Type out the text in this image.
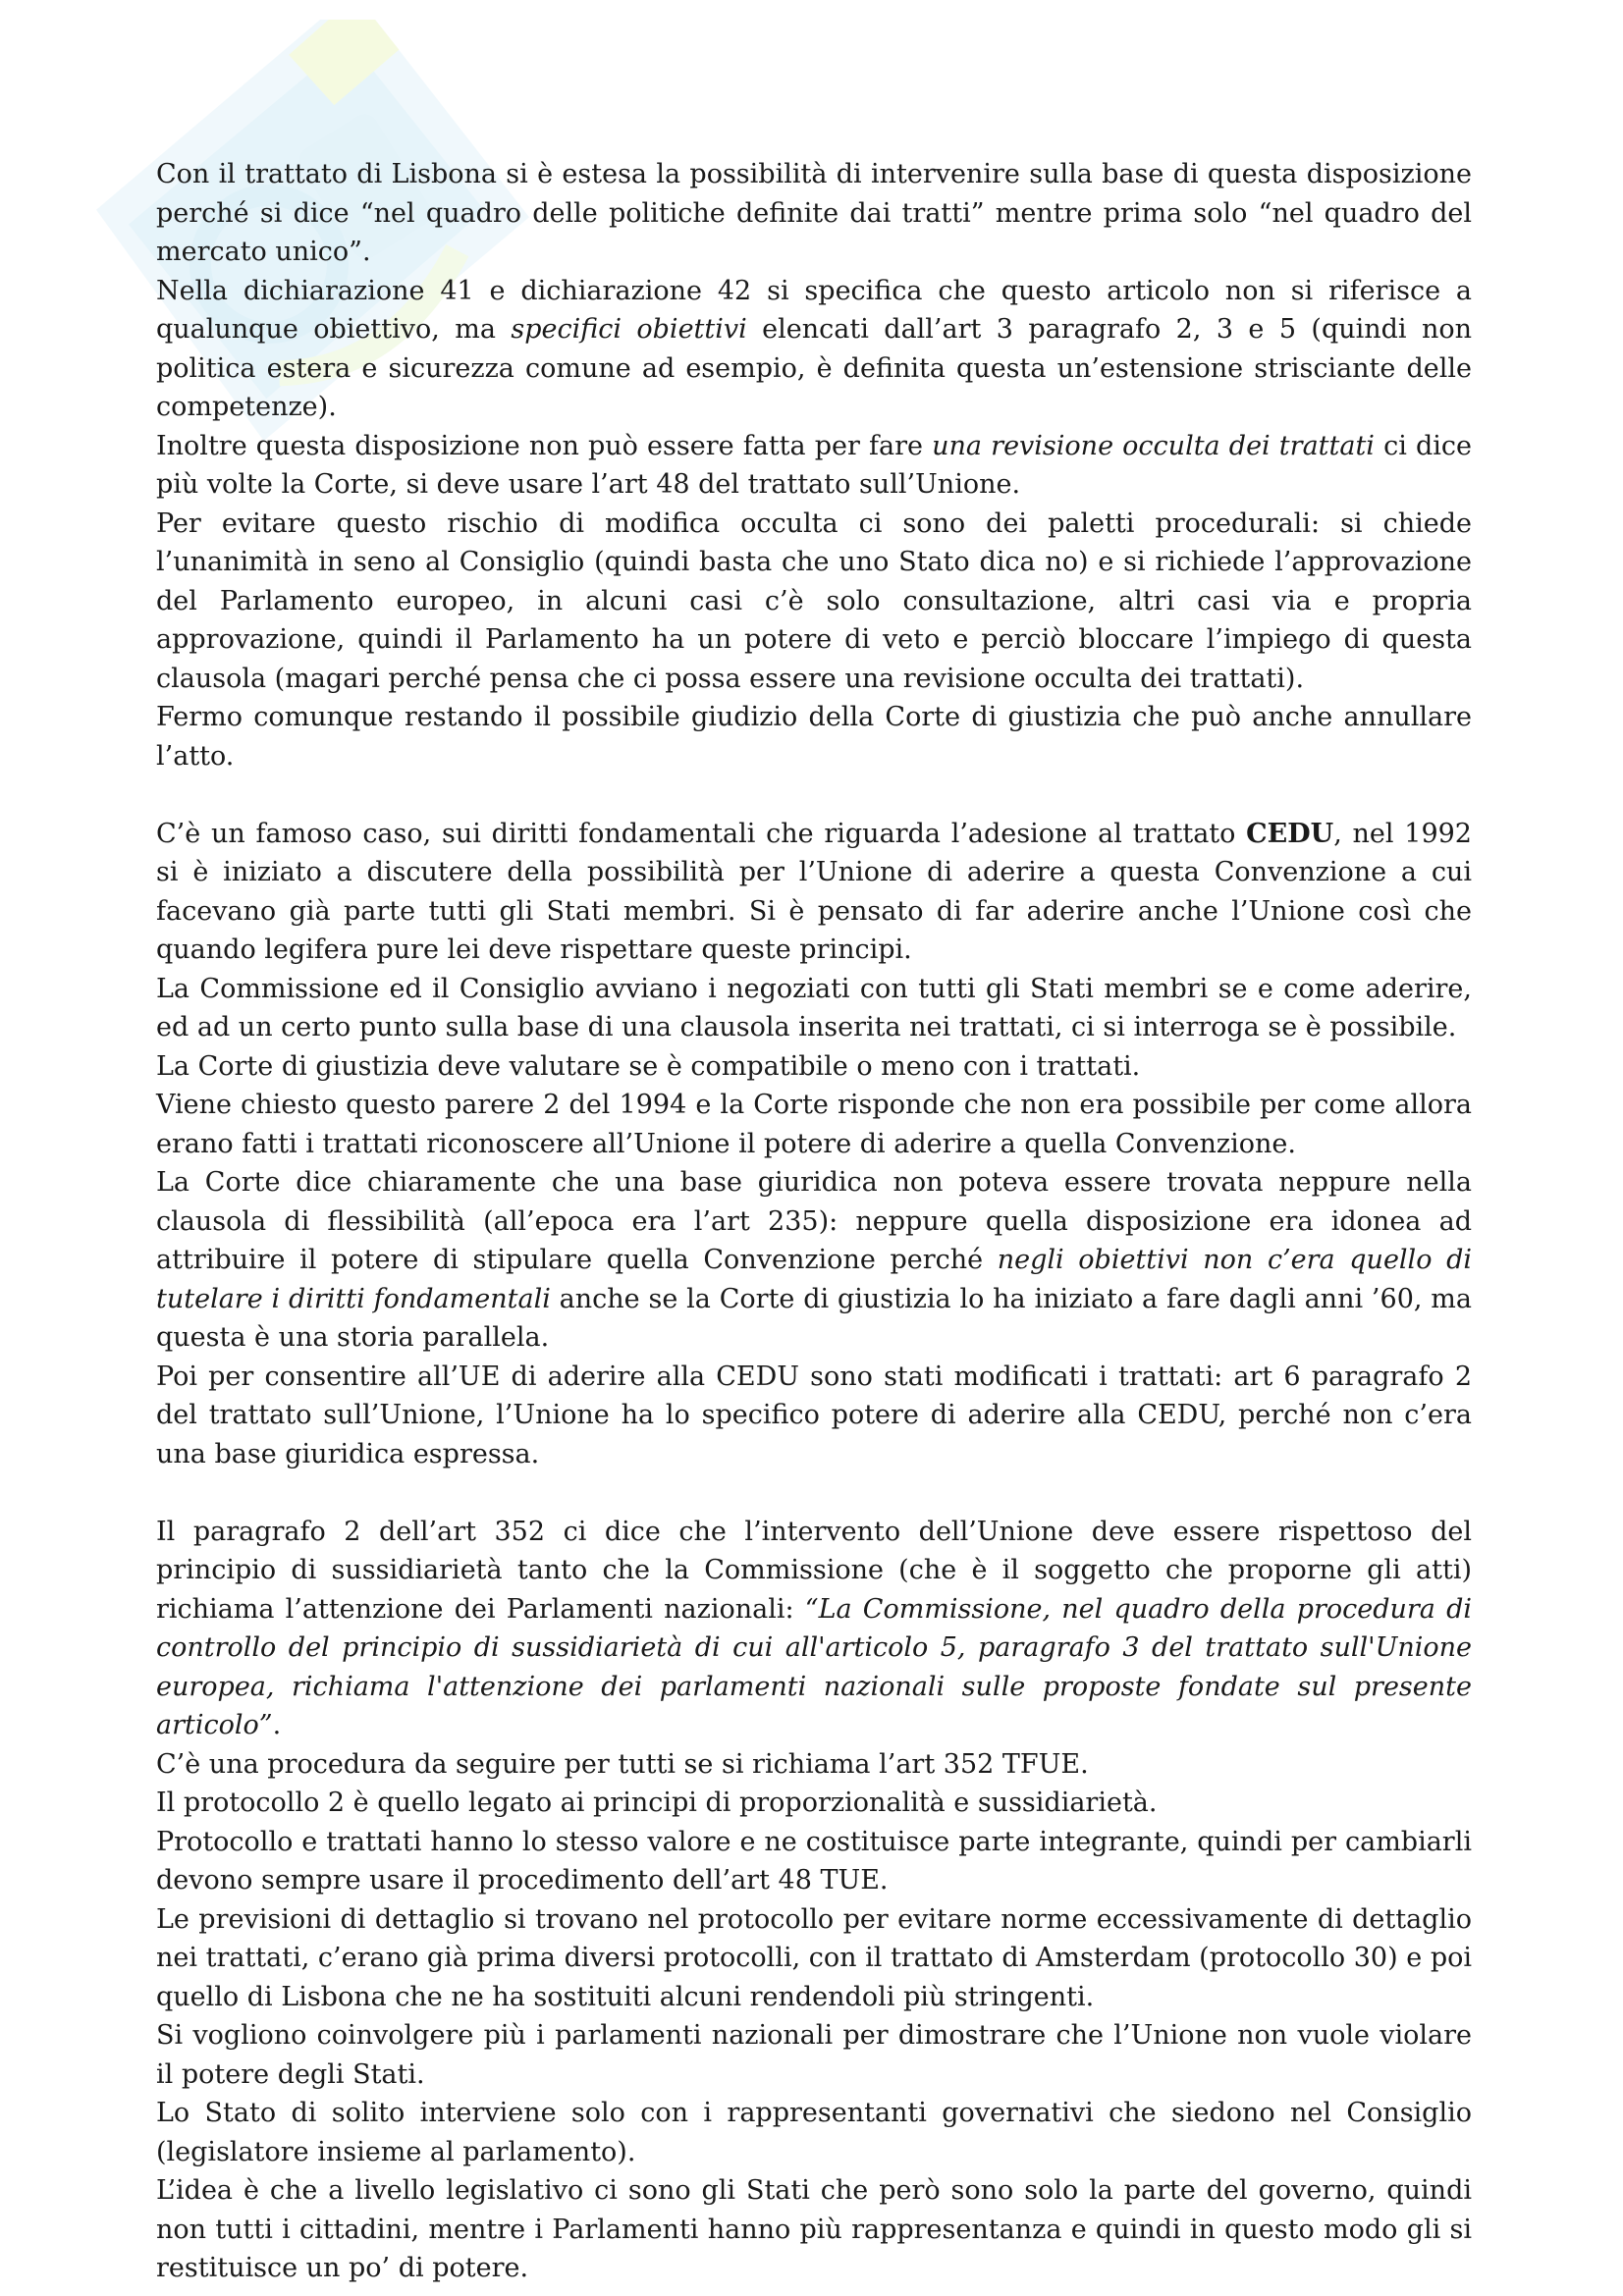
Con il trattato di Lisbona si è estesa la possibilità di intervenire sulla base di questa disposizione perché si dice “nel quadro delle politiche definite dai tratti” mentre prima solo “nel quadro del mercato unico”.

Nella dichiarazione 41 e dichiarazione 42 si specifica che questo articolo non si riferisce a qualunque obiettivo, ma specifici obiettivi elencati dall’art 3 paragrafo 2, 3 e 5 (quindi non politica estera e sicurezza comune ad esempio, è definita questa un’estensione strisciante delle competenze).

Inoltre questa disposizione non può essere fatta per fare una revisione occulta dei trattati ci dice più volte la Corte, si deve usare l’art 48 del trattato sull’Unione.

Per evitare questo rischio di modifica occulta ci sono dei paletti procedurali: si chiede l’unanimità in seno al Consiglio (quindi basta che uno Stato dica no) e si richiede l’approvazione del Parlamento europeo, in alcuni casi c’è solo consultazione, altri casi via e propria approvazione, quindi il Parlamento ha un potere di veto e perciò bloccare l’impiego di questa clausola (magari perché pensa che ci possa essere una revisione occulta dei trattati).

Fermo comunque restando il possibile giudizio della Corte di giustizia che può anche annullare l’atto.

C’è un famoso caso, sui diritti fondamentali che riguarda l’adesione al trattato CEDU, nel 1992 si è iniziato a discutere della possibilità per l’Unione di aderire a questa Convenzione a cui facevano già parte tutti gli Stati membri. Si è pensato di far aderire anche l’Unione così che quando legifera pure lei deve rispettare queste principi.

La Commissione ed il Consiglio avviano i negoziati con tutti gli Stati membri se e come aderire, ed ad un certo punto sulla base di una clausola inserita nei trattati, ci si interroga se è possibile.

La Corte di giustizia deve valutare se è compatibile o meno con i trattati.

Viene chiesto questo parere 2 del 1994 e la Corte risponde che non era possibile per come allora erano fatti i trattati riconoscere all’Unione il potere di aderire a quella Convenzione.

La Corte dice chiaramente che una base giuridica non poteva essere trovata neppure nella clausola di flessibilità (all’epoca era l’art 235): neppure quella disposizione era idonea ad attribuire il potere di stipulare quella Convenzione perché negli obiettivi non c’era quello di tutelare i diritti fondamentali anche se la Corte di giustizia lo ha iniziato a fare dagli anni ’60, ma questa è una storia parallela.

Poi per consentire all’UE di aderire alla CEDU sono stati modificati i trattati: art 6 paragrafo 2 del trattato sull’Unione, l’Unione ha lo specifico potere di aderire alla CEDU, perché non c’era una base giuridica espressa.

Il paragrafo 2 dell’art 352 ci dice che l’intervento dell’Unione deve essere rispettoso del principio di sussidiarietà tanto che la Commissione (che è il soggetto che proporne gli atti) richiama l’attenzione dei Parlamenti nazionali: “La Commissione, nel quadro della procedura di controllo del principio di sussidiarietà di cui all'articolo 5, paragrafo 3 del trattato sull'Unione europea, richiama l'attenzione dei parlamenti nazionali sulle proposte fondate sul presente articolo”.

C’è una procedura da seguire per tutti se si richiama l’art 352 TFUE.

Il protocollo 2 è quello legato ai principi di proporzionalità e sussidiarietà.

Protocollo e trattati hanno lo stesso valore e ne costituisce parte integrante, quindi per cambiarli devono sempre usare il procedimento dell’art 48 TUE.

Le previsioni di dettaglio si trovano nel protocollo per evitare norme eccessivamente di dettaglio nei trattati, c’erano già prima diversi protocolli, con il trattato di Amsterdam (protocollo 30) e poi quello di Lisbona che ne ha sostituiti alcuni rendendoli più stringenti.

Si vogliono coinvolgere più i parlamenti nazionali per dimostrare che l’Unione non vuole violare il potere degli Stati.

Lo Stato di solito interviene solo con i rappresentanti governativi che siedono nel Consiglio (legislatore insieme al parlamento).

L’idea è che a livello legislativo ci sono gli Stati che però sono solo la parte del governo, quindi non tutti i cittadini, mentre i Parlamenti hanno più rappresentanza e quindi in questo modo gli si restituisce un po’ di potere.
